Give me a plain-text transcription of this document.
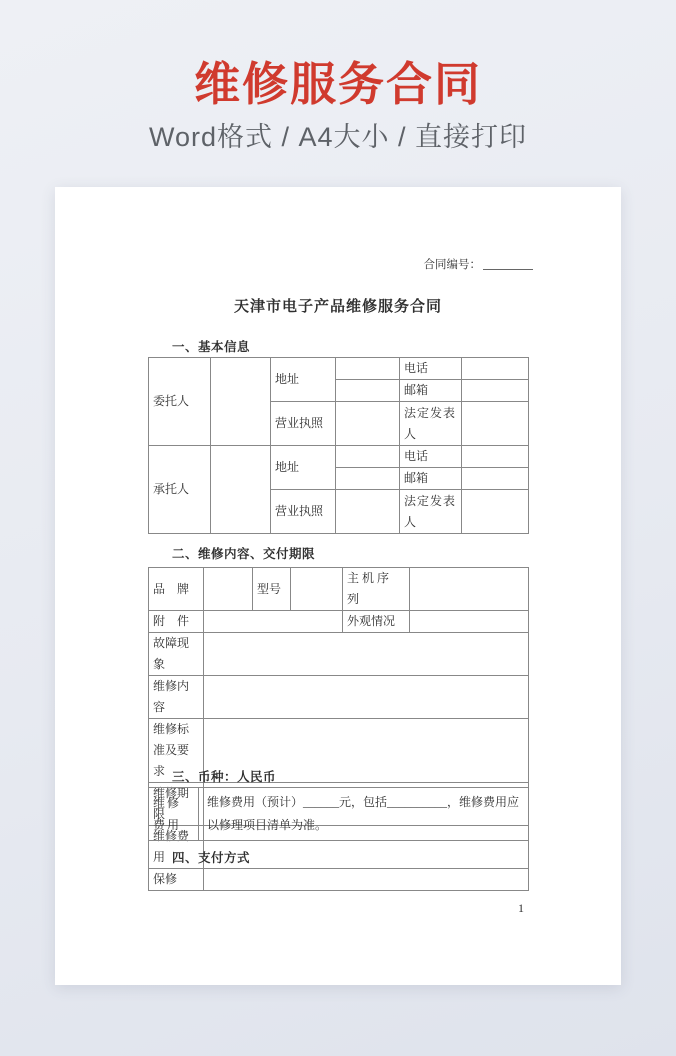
维修服务合同
Word格式 / A4大小 / 直接打印
合同编号：
天津市电子产品维修服务合同
一、基本信息
委托人		地址		电话	
				邮箱	
		营业执照		法定发表人	
承托人		地址		电话	
				邮箱	
		营业执照		法定发表人	
二、维修内容、交付期限
品　牌		型号		主机序列	
附　件				外观情况	
故障现象					
维修内容					
维修标准及要求					
维修期限					
维修费用					
保修					
三、币种：人民币
维修费用	维修费用（预计）______元，包括__________，维修费用应以修理项目清单为准。
四、支付方式
1
